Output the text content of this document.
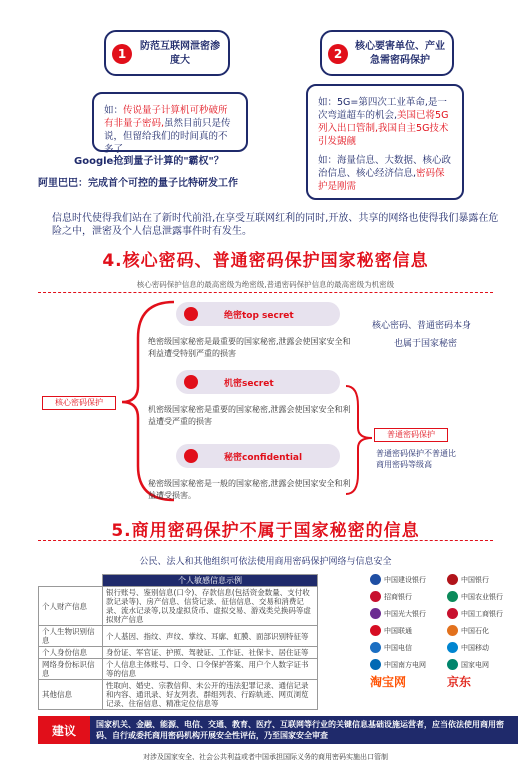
1
防范互联网泄密渗度大	2
核心要害单位、产业急需密码保护
如：传说量子计算机可秒破所有非量子密码,虽然目前只是传说，但留给我们的时间真的不多了

如：5G=第四次工业革命,是一次弯道超车的机会,美国已将5G列入出口管制,我国自主5G技术引发覬觎

如：海量信息、大数据、核心政治信息、核心经济信息,密码保护是刚需

Google抢到量子计算的"霸权"？
阿里巴巴：完成首个可控的量子比特研发工作
信息时代使得我们站在了新时代前沿,在享受互联网红利的同时,开放、共享的网络也使得我们暴露在危险之中，泄密及个人信息泄露事件时有发生。
4.核心密码、普通密码保护国家秘密信息
核心密码保护信息的最高密级为绝密级,普通密码保护信息的最高密级为机密级
核心密码保护
绝密top secret
绝密级国家秘密是最重要的国家秘密,泄露会使国家安全和利益遭受特别严重的损害
机密secret
机密级国家秘密是重要的国家秘密,泄露会使国家安全和利益遭受严重的损害
秘密confidential
秘密级国家秘密是一般的国家秘密,泄露会使国家安全和利益遭受损害。
核心密码、普通密码本身
也属于国家秘密
普通密码保护
普通密码保护不普通比商用密码等级高
5.商用密码保护不属于国家秘密的信息
公民、法人和其他组织可依法使用商用密码保护网络与信息安全
	个人敏感信息示例
个人财产信息	银行账号、鉴别信息(口令)、存款信息(包括资金数量、支付收款记录等)、房产信息、信贷记录、征信信息、交易和消费记录、流水记录等,以及虚拟货币、虚拟交易、游戏类兑换码等虚拟财产信息
个人生物识别信息	个人基因、指纹、声纹、掌纹、耳廓、虹膜、面部识别特征等
个人身份信息	身份证、军官证、护照、驾驶证、工作证、社保卡、居住证等
网络身份标识信息	个人信息主体账号、口令、口令保护答案、用户个人数字证书等的信息
其他信息	性取向、婚史、宗教信仰、未公开的违法犯罪记录、通信记录和内容、通讯录、好友列表、群组列表、行踪轨迹、网页浏览记录、住宿信息、精准定位信息等
中国建设银行	中国银行
招商银行	中国农业银行
中国光大银行	中国工商银行
中国联通	中国石化
中国电信	中国移动
中国南方电网	国家电网
淘宝网	京东
建议	国家机关、金融、能源、电信、交通、教育、医疗、互联网等行业的关键信息基础设施运营者，应当依法使用商用密码、自行或委托商用密码机构开展安全性评估，乃至国家安全审查
对涉及国家安全、社会公共利益或者中国承担国际义务的商用密码实施出口管制
